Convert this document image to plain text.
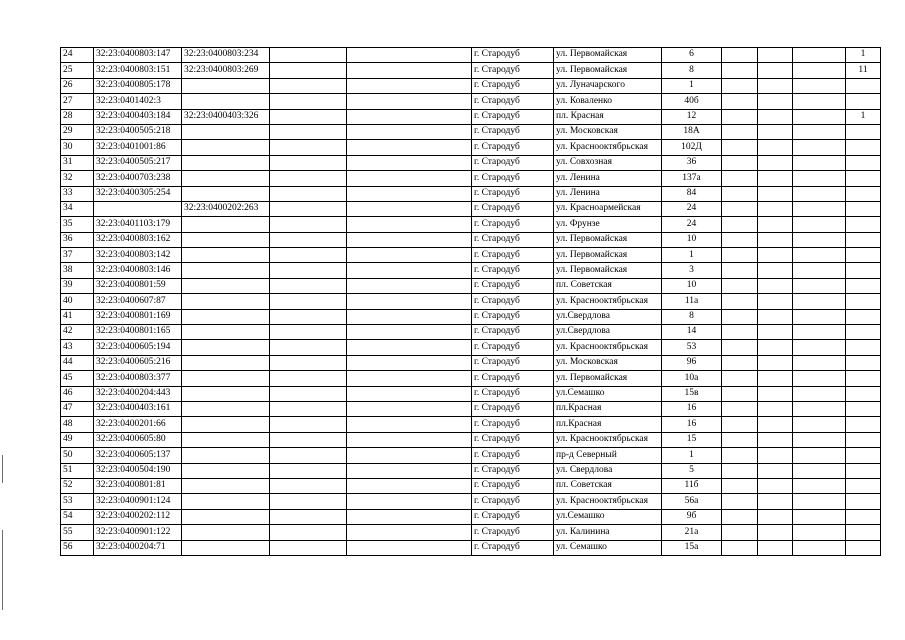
24	32:23:0400803:147	32:23:0400803:234			г. Стародуб	ул. Первомайская	6				1
25	32:23:0400803:151	32:23:0400803:269			г. Стародуб	ул. Первомайская	8				11
26	32:23:0400805:178				г. Стародуб	ул. Луначарского	1				
27	32:23:0401402:3				г. Стародуб	ул. Коваленко	40б				
28	32:23:0400403:184	32:23:0400403:326			г. Стародуб	пл. Красная	12				1
29	32:23:0400505:218				г. Стародуб	ул. Московская	18А				
30	32:23:0401001:86				г. Стародуб	ул. Краснооктябрьская	102Д				
31	32:23:0400505:217				г. Стародуб	ул. Совхозная	36				
32	32:23:0400703:238				г. Стародуб	ул. Ленина	137а				
33	32:23:0400305:254				г. Стародуб	ул. Ленина	84				
34		32:23:0400202:263			г. Стародуб	ул. Красноармейская	24				
35	32:23:0401103:179				г. Стародуб	ул. Фрунзе	24				
36	32:23:0400803:162				г. Стародуб	ул. Первомайская	10				
37	32:23:0400803:142				г. Стародуб	ул. Первомайская	1				
38	32:23:0400803:146				г. Стародуб	ул. Первомайская	3				
39	32:23:0400801:59				г. Стародуб	пл. Советская	10				
40	32:23:0400607:87				г. Стародуб	ул. Краснооктябрьская	11а				
41	32:23:0400801:169				г. Стародуб	ул.Свердлова	8				
42	32:23:0400801:165				г. Стародуб	ул.Свердлова	14				
43	32:23:0400605:194				г. Стародуб	ул. Краснооктябрьская	53				
44	32:23:0400605:216				г. Стародуб	ул. Московская	96				
45	32:23:0400803:377				г. Стародуб	ул. Первомайская	10а				
46	32:23:0400204:443				г. Стародуб	ул.Семашко	15в				
47	32:23:0400403:161				г. Стародуб	пл.Красная	16				
48	32:23:0400201:66				г. Стародуб	пл.Красная	16				
49	32:23:0400605:80				г. Стародуб	ул. Краснооктябрьская	15				
50	32:23:0400605:137				г. Стародуб	пр-д Северный	1				
51	32:23:0400504:190				г. Стародуб	ул. Свердлова	5				
52	32:23:0400801:81				г. Стародуб	пл. Советская	11б				
53	32:23:0400901:124				г. Стародуб	ул. Краснооктябрьская	56а				
54	32:23:0400202:112				г. Стародуб	ул.Семашко	9б				
55	32:23:0400901:122				г. Стародуб	ул. Калинина	21а				
56	32:23:0400204:71				г. Стародуб	ул. Семашко	15а				
